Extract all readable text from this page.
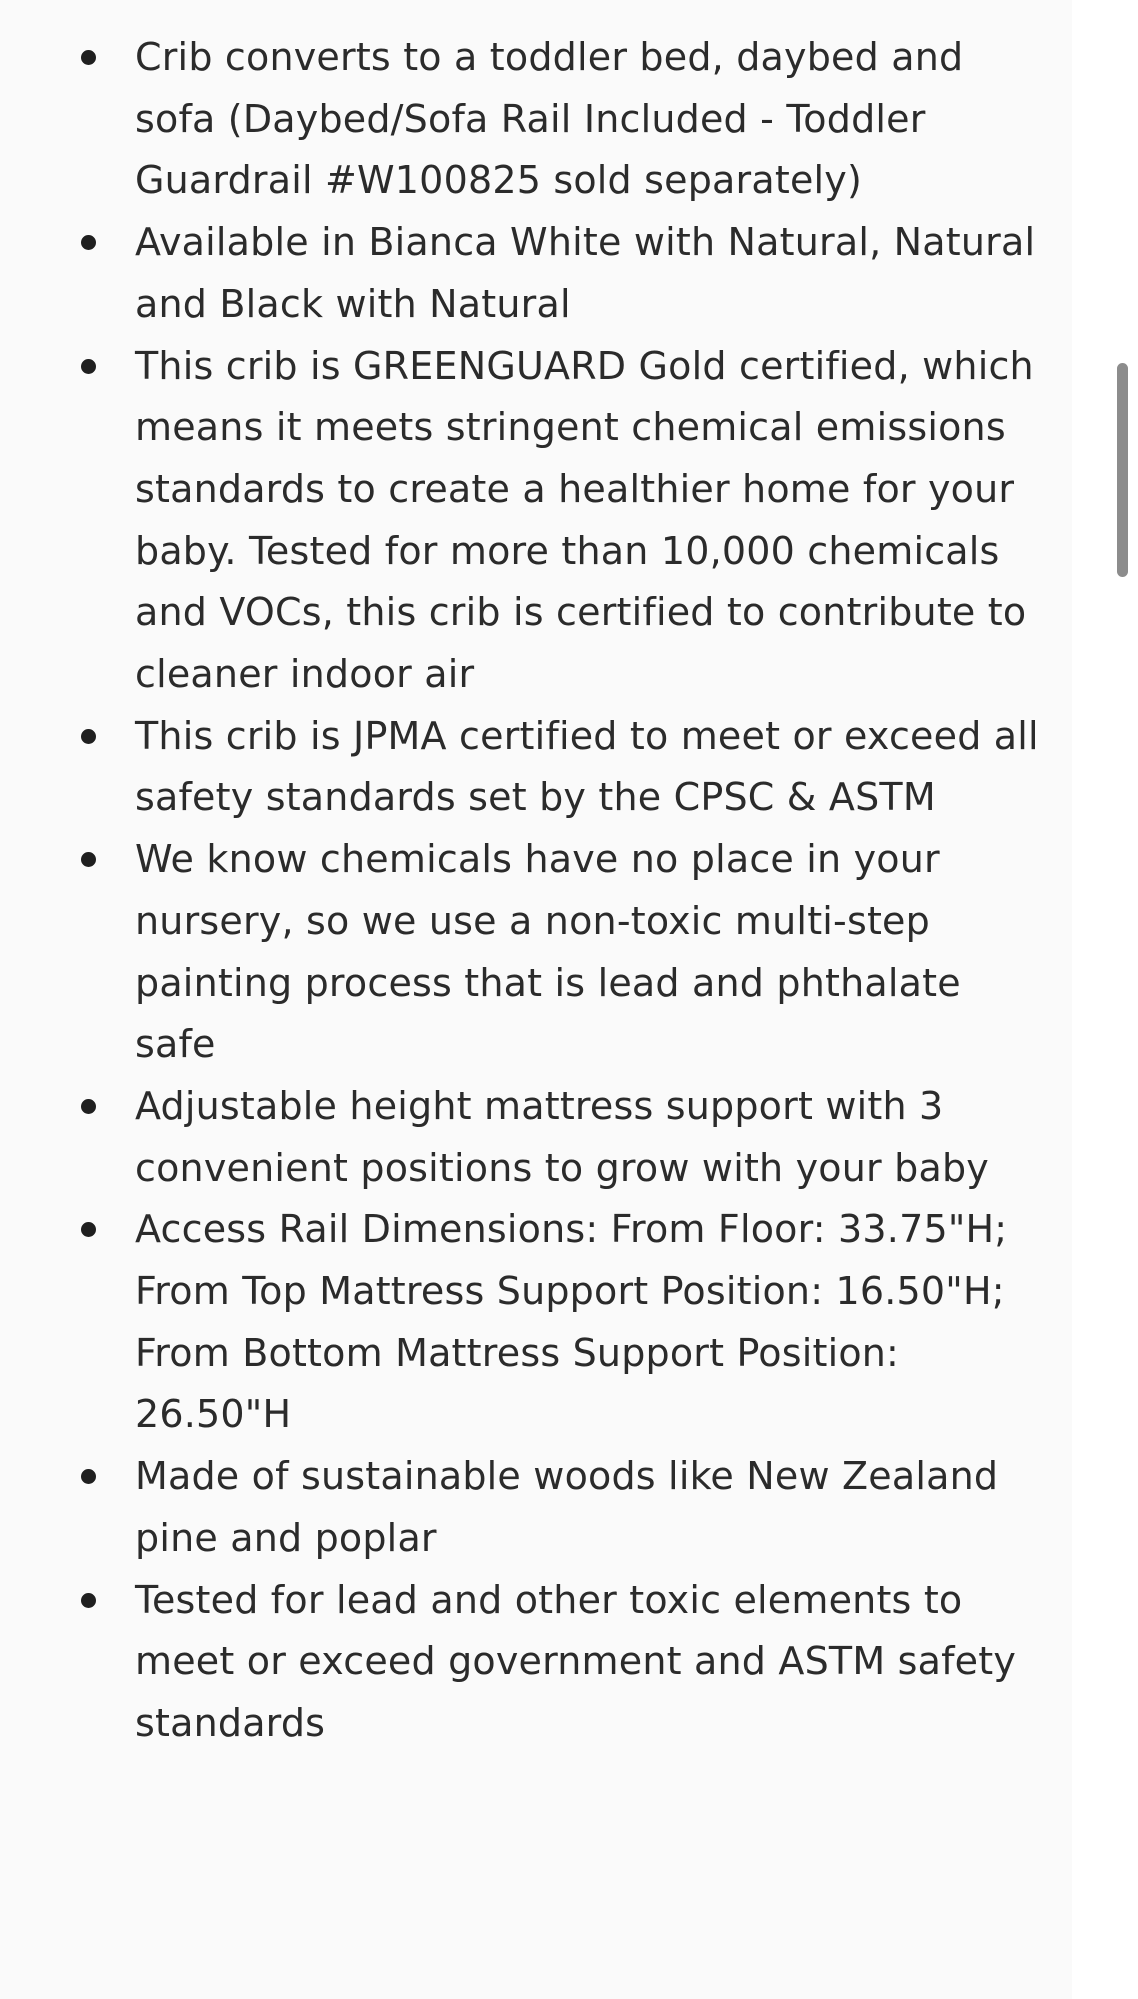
Crib converts to a toddler bed, daybed and sofa (Daybed/Sofa Rail Included - Toddler Guardrail #W100825 sold separately)
Available in Bianca White with Natural, Natural and Black with Natural
This crib is GREENGUARD Gold certified, which means it meets stringent chemical emissions standards to create a healthier home for your baby. Tested for more than 10,000 chemicals and VOCs, this crib is certified to contribute to cleaner indoor air
This crib is JPMA certified to meet or exceed all safety standards set by the CPSC & ASTM
We know chemicals have no place in your nursery, so we use a non-toxic multi-step painting process that is lead and phthalate safe
Adjustable height mattress support with 3 convenient positions to grow with your baby
Access Rail Dimensions: From Floor: 33.75"H; From Top Mattress Support Position: 16.50"H; From Bottom Mattress Support Position: 26.50"H
Made of sustainable woods like New Zealand pine and poplar
Tested for lead and other toxic elements to meet or exceed government and ASTM safety standards
